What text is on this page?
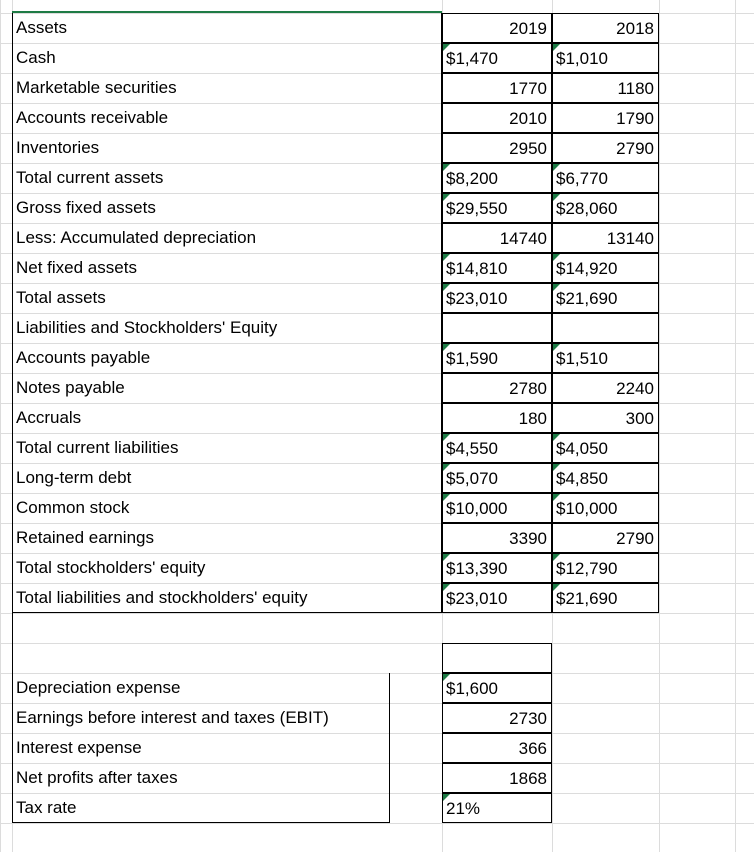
Assets	2019	2018
Cash	$1,470	$1,010
Marketable securities	1770	1180
Accounts receivable	2010	1790
Inventories	2950	2790
Total current assets	$8,200	$6,770
Gross fixed assets	$29,550	$28,060
Less: Accumulated depreciation	14740	13140
Net fixed assets	$14,810	$14,920
Total assets	$23,010	$21,690
Liabilities and Stockholders' Equity
Accounts payable	$1,590	$1,510
Notes payable	2780	2240
Accruals	180	300
Total current liabilities	$4,550	$4,050
Long-term debt	$5,070	$4,850
Common stock	$10,000	$10,000
Retained earnings	3390	2790
Total stockholders' equity	$13,390	$12,790
Total liabilities and stockholders' equity	$23,010	$21,690
Depreciation expense	$1,600
Earnings before interest and taxes (EBIT)	2730
Interest expense	366
Net profits after taxes	1868
Tax rate	21%
